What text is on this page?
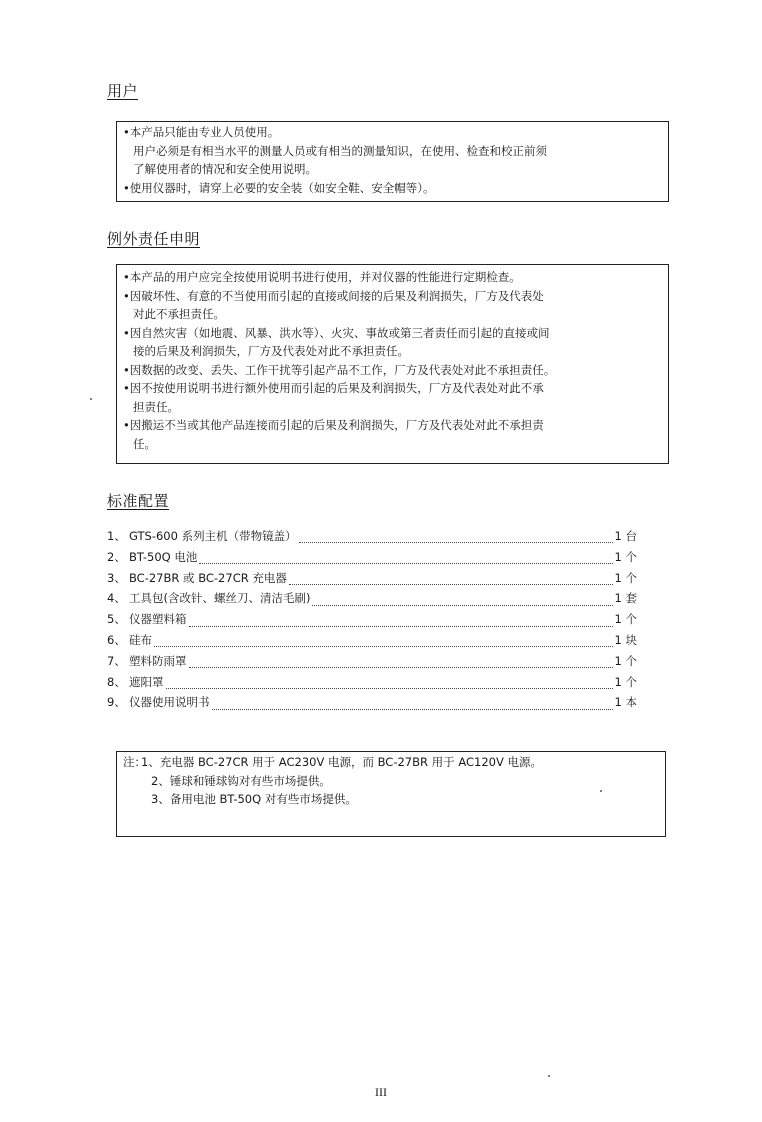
用户
•本产品只能由专业人员使用。
用户必须是有相当水平的测量人员或有相当的测量知识，在使用、检查和校正前须
了解使用者的情况和安全使用说明。
•使用仪器时，请穿上必要的安全装（如安全鞋、安全帽等）。
例外责任申明
•本产品的用户应完全按使用说明书进行使用，并对仪器的性能进行定期检查。
•因破坏性、有意的不当使用而引起的直接或间接的后果及利润损失，厂方及代表处
对此不承担责任。
•因自然灾害（如地震、风暴、洪水等）、火灾、事故或第三者责任而引起的直接或间
接的后果及利润损失，厂方及代表处对此不承担责任。
•因数据的改变、丢失、工作干扰等引起产品不工作，厂方及代表处对此不承担责任。
•因不按使用说明书进行额外使用而引起的后果及利润损失，厂方及代表处对此不承
担责任。
•因搬运不当或其他产品连接而引起的后果及利润损失，厂方及代表处对此不承担责
任。
标准配置
1、 GTS-600 系列主机（带物镜盖）	1 台
2、 BT-50Q 电池	1 个
3、 BC-27BR 或 BC-27CR 充电器	1 个
4、 工具包(含改针、螺丝刀、清洁毛刷)	1 套
5、 仪器塑料箱	1 个
6、 硅布	1 块
7、 塑料防雨罩	1 个
8、 遮阳罩	1 个
9、 仪器使用说明书	1 本
注：1、充电器 BC-27CR 用于 AC230V 电源，而 BC-27BR 用于 AC120V 电源。
2、锤球和锤球钩对有些市场提供。
3、备用电池 BT-50Q 对有些市场提供。
III
